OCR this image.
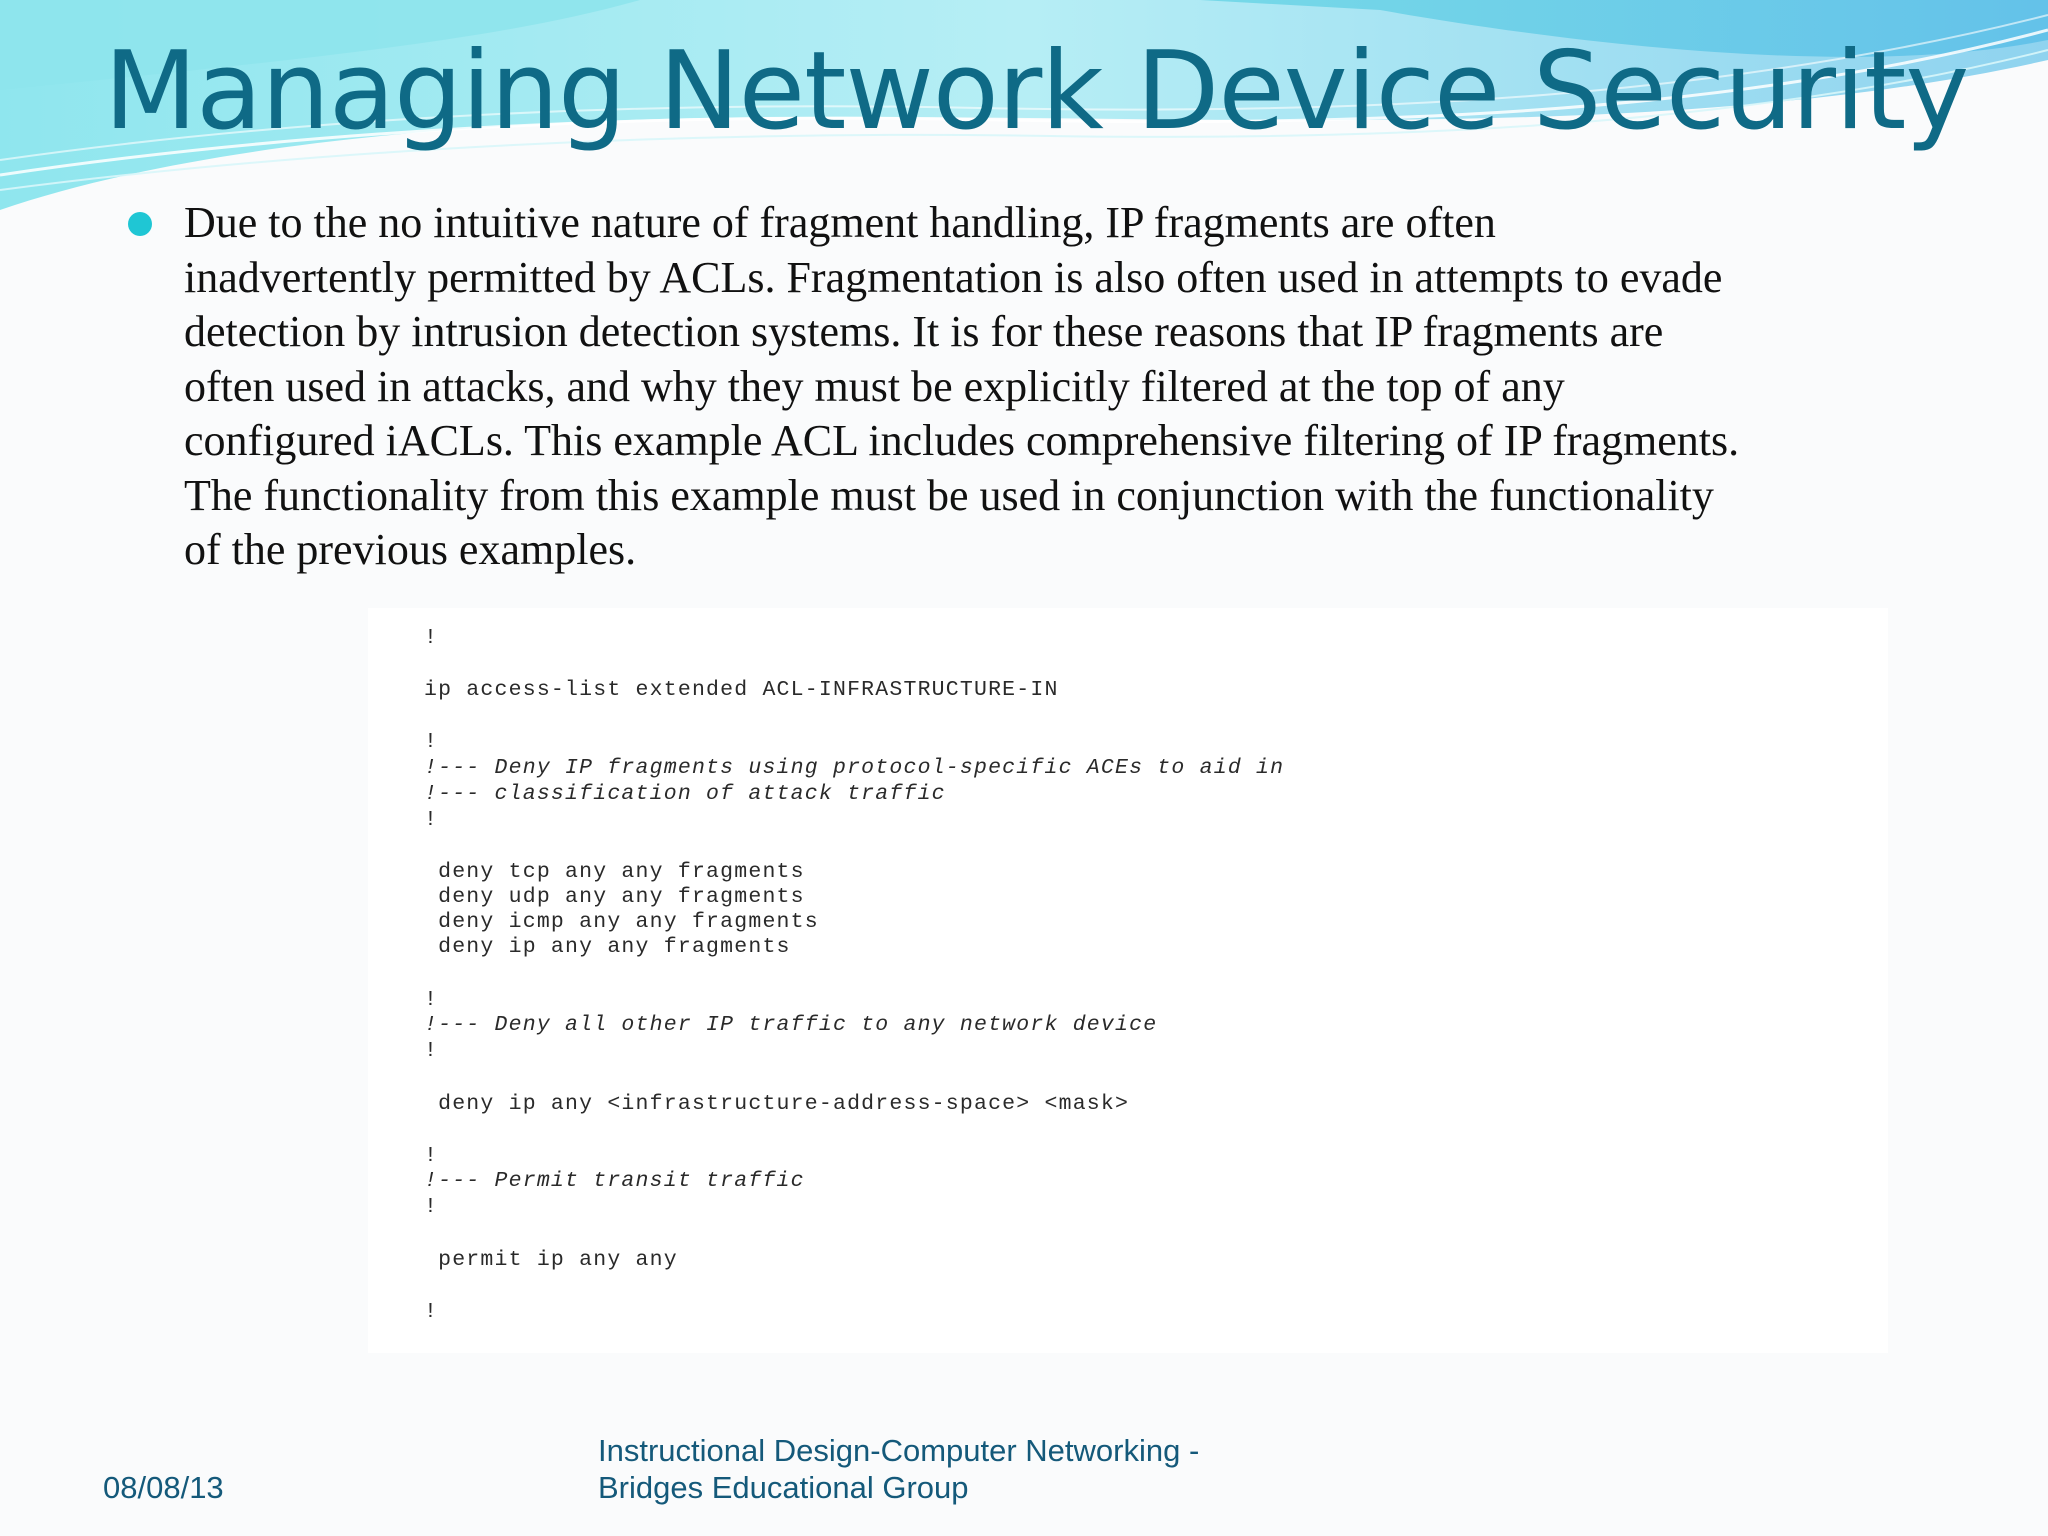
Managing Network Device Security
Due to the no intuitive nature of fragment handling, IP fragments are often
inadvertently permitted by ACLs. Fragmentation is also often used in attempts to evade
detection by intrusion detection systems. It is for these reasons that IP fragments are
often used in attacks, and why they must be explicitly filtered at the top of any
configured iACLs. This example ACL includes comprehensive filtering of IP fragments.
The functionality from this example must be used in conjunction with the functionality
of the previous examples.
!
ip access-list extended ACL-INFRASTRUCTURE-IN
!
!--- Deny IP fragments using protocol-specific ACEs to aid in
!--- classification of attack traffic
!
deny tcp any any fragments
deny udp any any fragments
deny icmp any any fragments
deny ip any any fragments
!
!--- Deny all other IP traffic to any network device
!
deny ip any <infrastructure-address-space> <mask>
!
!--- Permit transit traffic
!
permit ip any any
!
08/08/13
Instructional Design-Computer Networking -
Bridges Educational Group
